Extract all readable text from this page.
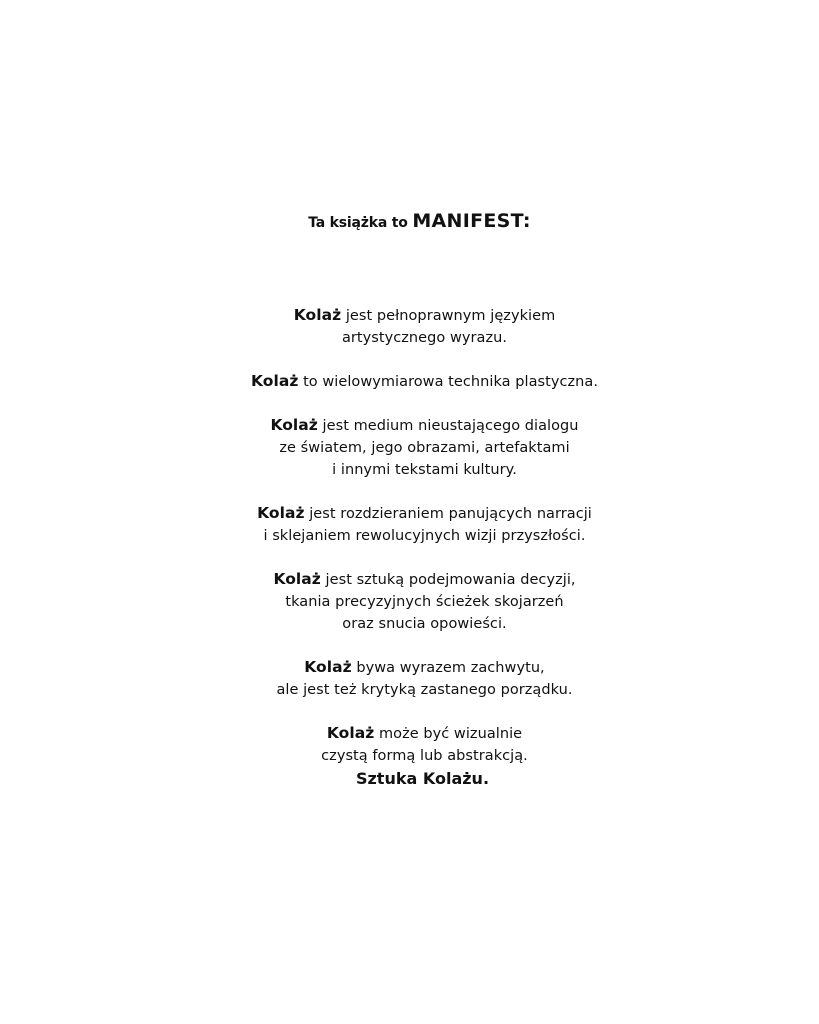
Ta książka to MANIFEST:

Kolaż jest pełnoprawnym językiem
artystycznego wyrazu.

Kolaż to wielowymiarowa technika plastyczna.

Kolaż jest medium nieustającego dialogu
ze światem, jego obrazami, artefaktami
i innymi tekstami kultury.

Kolaż jest rozdzieraniem panujących narracji
i sklejaniem rewolucyjnych wizji przyszłości.

Kolaż jest sztuką podejmowania decyzji,
tkania precyzyjnych ścieżek skojarzeń
oraz snucia opowieści.

Kolaż bywa wyrazem zachwytu,
ale jest też krytyką zastanego porządku.

Kolaż może być wizualnie
czystą formą lub abstrakcją.

Sztuka Kolażu.
